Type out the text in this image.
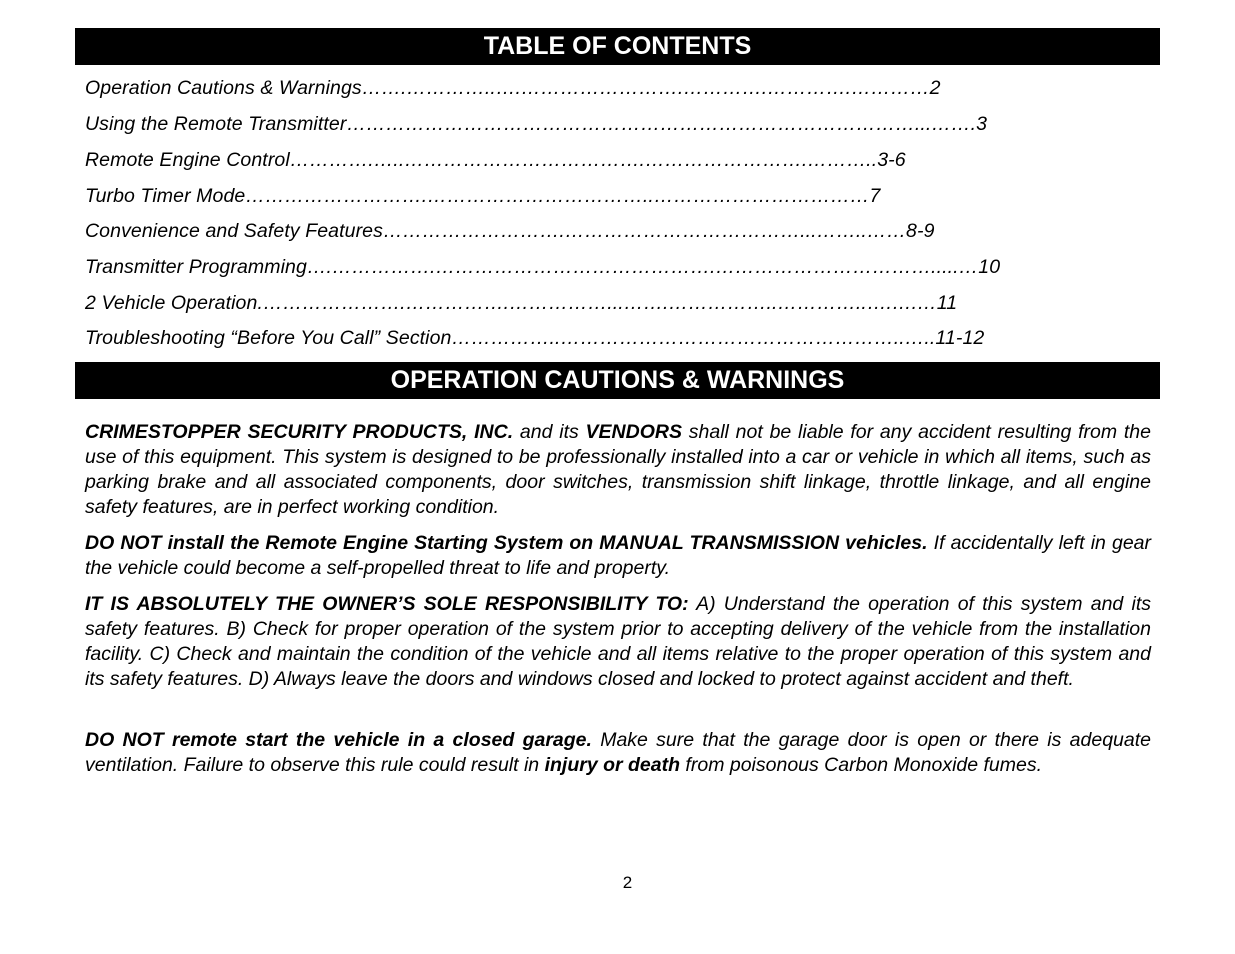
TABLE OF CONTENTS
Operation Cautions & Warnings…….…………..….…………………….………….………….…………2
Using the Remote Transmitter……………………………………………………………………………...…….3
Remote Engine Control………….…..……………………………….…………………….………..3-6
Turbo Timer Mode……………………….……………………………..……………………………7
Convenience and Safety Features……………………….………………………………...……..……8-9
Transmitter Programming….…………….…………………………………….…………………………….....…10
2 Vehicle Operation.………………….…………….……………...…….……………..…………..….….…11
Troubleshooting “Before You Call” Section……………..……………………………………………..…..11-12
OPERATION CAUTIONS & WARNINGS
CRIMESTOPPER SECURITY PRODUCTS, INC. and its VENDORS shall not be liable for any accident resulting from the use of this equipment. This system is designed to be professionally installed into a car or vehicle in which all items, such as parking brake and all associated components, door switches, transmission shift linkage, throttle linkage, and all engine safety features, are in perfect working condition.
DO NOT install the Remote Engine Starting System on MANUAL TRANSMISSION vehicles. If accidentally left in gear the vehicle could become a self-propelled threat to life and property.
IT IS ABSOLUTELY THE OWNER’S SOLE RESPONSIBILITY TO: A) Understand the operation of this system and its safety features. B) Check for proper operation of the system prior to accepting delivery of the vehicle from the installation facility. C) Check and maintain the condition of the vehicle and all items relative to the proper operation of this system and its safety features. D) Always leave the doors and windows closed and locked to protect against accident and theft.
DO NOT remote start the vehicle in a closed garage. Make sure that the garage door is open or there is adequate ventilation. Failure to observe this rule could result in injury or death from poisonous Carbon Monoxide fumes.
2
